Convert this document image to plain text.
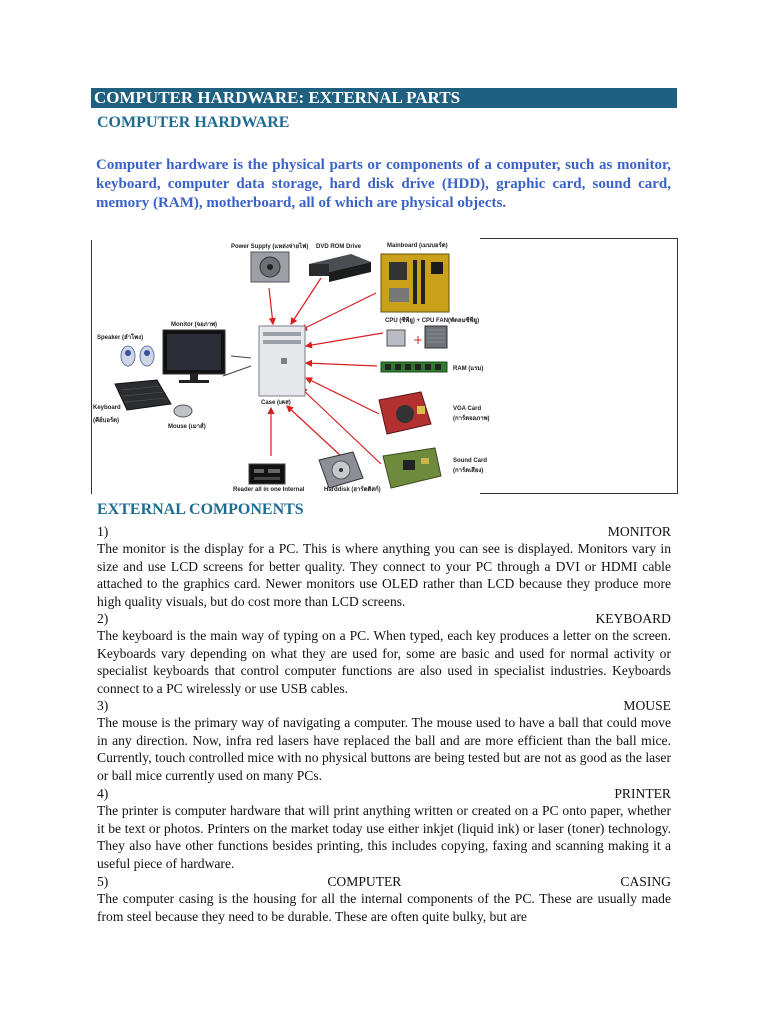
COMPUTER HARDWARE: EXTERNAL PARTS
COMPUTER HARDWARE
Computer hardware is the physical parts or components of a computer, such as monitor, keyboard, computer data storage, hard disk drive (HDD), graphic card, sound card, memory (RAM), motherboard, all of which are physical objects.
Power Supply (แหล่งจ่ายไฟ) DVD ROM Drive	Mainboard (เมนบอร์ด)
Monitor (จอภาพ)
Speaker (ลำโพง)
Case (เคส)
Keyboard
(คีย์บอร์ด)
Mouse (เมาส์)
+
CPU (ซีพียู) + CPU FAN(พัดลมซีพียู)
RAM (แรม)
VGA Card
(การ์ดจอภาพ)
Sound Card
(การ์ดเสียง)
Reader all in one Internal	Harddisk (ฮาร์ดดิสก์)
EXTERNAL COMPONENTS
1)	MONITOR
The monitor is the display for a PC. This is where anything you can see is displayed. Monitors vary in size and use LCD screens for better quality. They connect to your PC through a DVI or HDMI cable attached to the graphics card. Newer monitors use OLED rather than LCD because they produce more high quality visuals, but do cost more than LCD screens.
2)	KEYBOARD
The keyboard is the main way of typing on a PC. When typed, each key produces a letter on the screen. Keyboards vary depending on what they are used for, some are basic and used for normal activity or specialist keyboards that control computer functions are also used in specialist industries. Keyboards connect to a PC wirelessly or use USB cables.
3)	MOUSE
The mouse is the primary way of navigating a computer. The mouse used to have a ball that could move in any direction. Now, infra red lasers have replaced the ball and are more efficient than the ball mice. Currently, touch controlled mice with no physical buttons are being tested but are not as good as the laser or ball mice currently used on many PCs.
4)	PRINTER
The printer is computer hardware that will print anything written or created on a PC onto paper, whether it be text or photos. Printers on the market today use either inkjet (liquid ink) or laser (toner) technology. They also have other functions besides printing, this includes copying, faxing and scanning making it a useful piece of hardware.
5)	COMPUTER	CASING
The computer casing is the housing for all the internal components of the PC. These are usually made from steel because they need to be durable. These are often quite bulky, but are
